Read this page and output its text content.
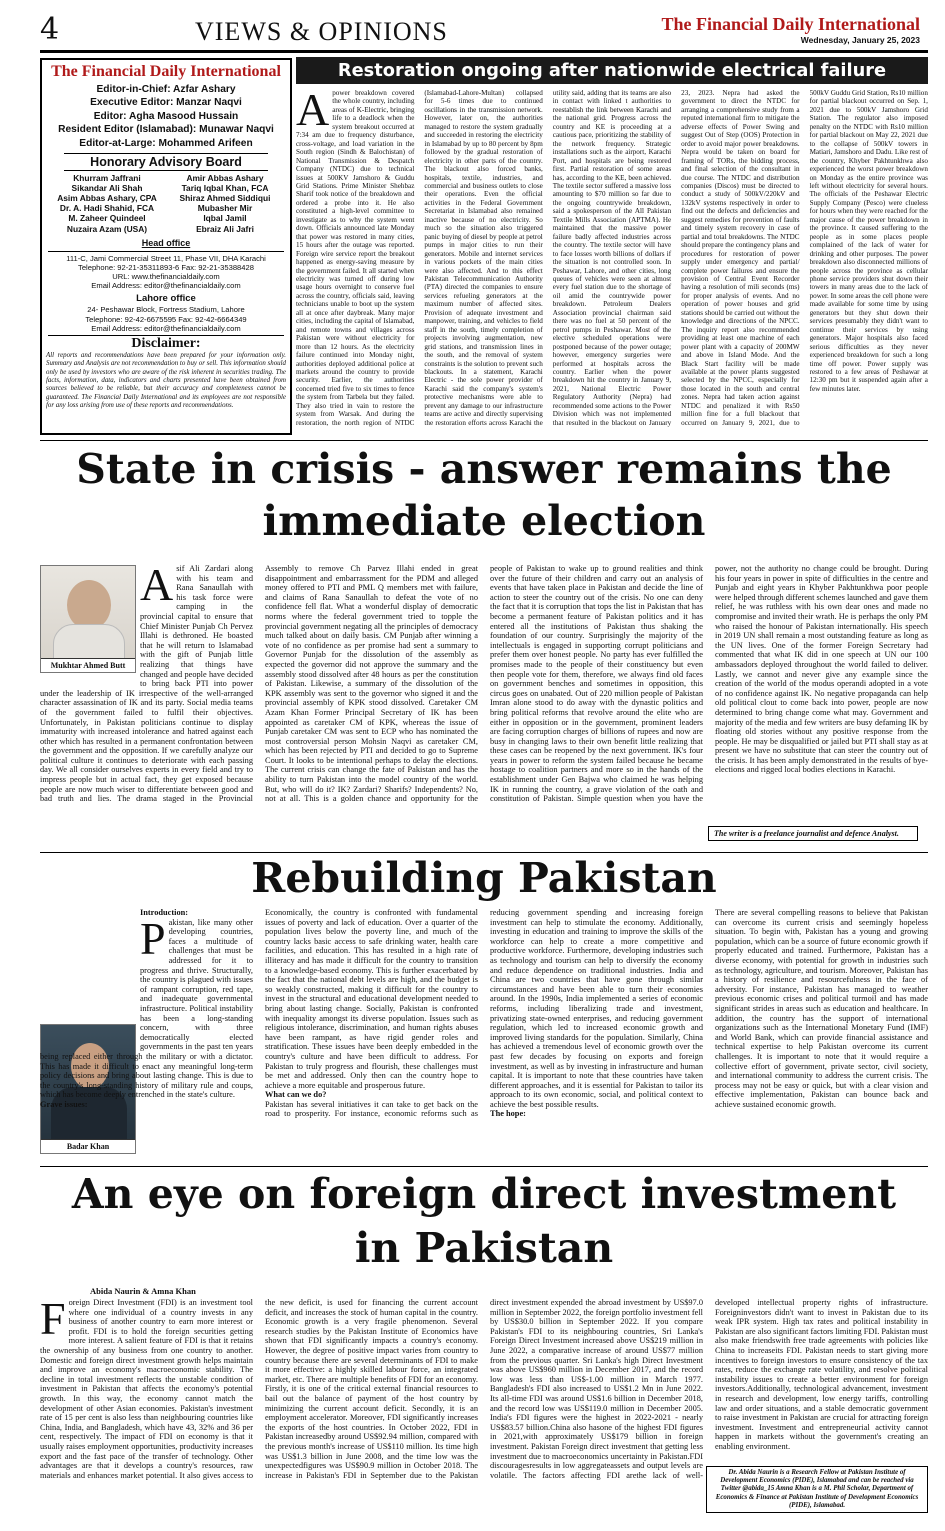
4	VIEWS & OPINIONS	The Financial Daily International
Wednesday, January 25, 2023
The Financial Daily International
Editor-in-Chief: Azfar Ashary
Executive Editor: Manzar Naqvi
Editor: Agha Masood Hussain
Resident Editor (Islamabad): Munawar Naqvi
Editor-at-Large: Mohammed Arifeen
Honorary Advisory Board
Khurram Jaffrani
Sikandar Ali Shah
Asim Abbas Ashary, CPA
Dr. A. Hadi Shahid, FCA
M. Zaheer Quindeel
Nuzaira Azam (USA)
Amir Abbas Ashary
Tariq Iqbal Khan, FCA
Shiraz Ahmed Siddiqui
Mubasher Mir
Iqbal Jamil
Ebraiz Ali Jafri
Head office
111-C, Jami Commercial Street 11, Phase VII, DHA Karachi
Telephone: 92-21-35311893-6 Fax: 92-21-35388428
URL: www.thefinancialdaily.com
Email Address: editor@thefinancialdaily.com
Lahore office
24- Peshawar Block, Fortress Stadium, Lahore
Telephone: 92-42-6675595 Fax: 92-42-6664349
Email Address: editor@thefinancialdaily.com
Disclaimer:
All reports and recommendations have been prepared for your information only. Summary and Analysis are not recommendation to buy or sell. This information should only be used by investors who are aware of the risk inherent in securities trading. The facts, information, data, indicators and charts presented have been obtained from sources believed to be reliable, but their accuracy and completeness cannot be guaranteed. The Financial Daily International and its employees are not responsible for any loss arising from use of these reports and recommendations.
Restoration ongoing after nationwide electrical failure
Apower breakdown covered the whole country, including areas of K-Electric, bringing life to a deadlock when the system breakout occurred at 7:34 am due to frequency disturbance, cross-voltage, and load variation in the South region (Sindh & Balochistan) of National Transmission & Despatch Company (NTDC) due to technical issues at 500KV Jamshoro & Guddu Grid Stations. Prime Minister Shehbaz Sharif took notice of the breakdown and ordered a probe into it. He also constituted a high-level committee to investigate as to why the system went down. Officials announced late Monday that power was restored in many cities, 15 hours after the outage was reported. Foreign wire service report the breakout happened as energy-saving measure by the government failed. It all started when electricity was turned off during low usage hours overnight to conserve fuel across the country, officials said, leaving technicians unable to boot up the system all at once after daybreak. Many major cities, including the capital of Islamabad, and remote towns and villages across Pakistan were without electricity for more than 12 hours. As the electricity failure continued into Monday night, authorities deployed additional police at markets around the country to provide security. Earlier, the authorities concerned tried five to six times to fence the system from Tarbela but they failed. They also tried in vain to restore the system from Warsak. And during the restoration, the north region of NTDC (Islamabad-Lahore-Multan) collapsed for 5-6 times due to continued oscillations in the transmission network. However, later on, the authorities managed to restore the system gradually and succeeded in restoring the electricity in Islamabad by up to 80 percent by 8pm followed by the gradual restoration of electricity in other parts of the country. The blackout also forced banks, hospitals, textile, industries, and commercial and business outlets to close their operations. Even the official activities in the Federal Government Secretariat in Islamabad also remained inactive because of no electricity. So much so the situation also triggered panic buying of diesel by people at petrol pumps in major cities to run their generators. Mobile and internet services in various pockets of the main cities were also affected. And to this effect Pakistan Telecommunication Authority (PTA) directed the companies to ensure services refueling generators at the maximum number of affected sites. Provision of adequate investment and manpower, training, and vehicles to field staff in the south, timely completion of projects involving augmentation, new grid stations, and transmission lines in the south, and the removal of system constraints is the solution to prevent such blackouts. In a statement, Karachi Electric - the sole power provider of Karachi said the company's system's protective mechanisms were able to prevent any damage to our infrastructure teams are active and directly supervising the restoration efforts across Karachi the utility said, adding that its teams are also in contact with linked t authorities to reestablish the link between Karachi and the national grid. Progress across the country and KE is proceeding at a cautious pace, prioritizing the stability of the network frequency. Strategic installations such as the airport, Karachi Port, and hospitals are being restored first. Partial restoration of some areas has, according to the KE, been achieved. The textile sector suffered a massive loss amounting to $70 million so far due to the ongoing countrywide breakdown, said a spokesperson of the All Pakistan Textile Mills Association (APTMA). He maintained that the massive power failure badly affected industries across the country. The textile sector will have to face losses worth billions of dollars if the situation is not controlled soon. In Peshawar, Lahore, and other cities, long queues of vehicles were seen at almost every fuel station due to the shortage of oil amid the countrywide power breakdown. Petroleum Dealers Association provincial chairman said there was no fuel at 50 percent of the petrol pumps in Peshawar. Most of the elective scheduled operations were postponed because of the power outage; however, emergency surgeries were performed at hospitals across the country. Earlier when the power breakdown hit the country in January 9, 2021, National Electric Power Regulatory Authority (Nepra) had recommended some actions to the Power Division which was not implemented that resulted in the blackout on January 23, 2023. Nepra had asked the government to direct the NTDC for arranging a comprehensive study from a reputed international firm to mitigate the adverse effects of Power Swing and suggest Out of Step (OOS) Protection in order to avoid major power breakdowns. Nepra would be taken on board for framing of TORs, the bidding process, and final selection of the consultant in due course. The NTDC and distribution companies (Discos) must be directed to conduct a study of 500kV/220kV and 132kV systems respectively in order to find out the defects and deficiencies and suggest remedies for prevention of faults and timely system recovery in case of partial and total breakdowns. The NTDC should prepare the contingency plans and procedures for restoration of power supply under emergency and partial/ complete power failures and ensure the provision of Central Event Recorder having a resolution of mili seconds (ms) for proper analysis of events. And no operation of power houses and grid stations should be carried out without the knowledge and directions of the NPCC. The inquiry report also recommended providing at least one machine of each power plant with a capacity of 200MW and above in Island Mode. And the Black Start facility will be made available at the power plants suggested selected by the NPCC, especially for those located in the south and central zones. Nepra had taken action against NTDC and penalized it with Rs50 million fine for a full blackout that occurred on January 9, 2021, due to 500kV Guddu Grid Station, Rs10 million for partial blackout occurred on Sep. 1, 2021 due to 500kV Jamshoro Grid Station. The regulator also imposed penalty on the NTDC with Rs10 million for partial blackout on May 22, 2021 due to the collapse of 500kV towers in Matiari, Jamshoro and Dadu. Like rest of the country, Khyber Pakhtunkhwa also experienced the worst power breakdown on Monday as the entire province was left without electricity for several hours. The officials of the Peshawar Electric Supply Company (Pesco) were clueless for hours when they were reached for the major cause of the power breakdown in the province. It caused suffering to the people as in some places people complained of the lack of water for drinking and other purposes. The power breakdown also disconnected millions of people across the province as cellular phone service providers shut down their towers in many areas due to the lack of power. In some areas the cell phone were made available for some time by using generators but they shut down their services presumably they didn't want to continue their services by using generators. Major hospitals also faced serious difficulties as they never experienced breakdown for such a long time off power. Power supply was restored to a few areas of Peshawar at 12:30 pm but it suspended again after a few minutes later.
State in crisis - answer remains the immediate election
Mukhtar Ahmed Butt
Asif Ali Zardari along with his team and Rana Sanaullah with his task force were camping in the provincial capital to ensure that Chief Minister Punjab Ch Pervez Illahi is dethroned. He boasted that he will return to Islamabad with the gift of Punjab little realizing that things have changed and people have decided to bring back PTI into power under the leadership of IK irrespective of the well-arranged character assassination of IK and its party. Social media teams of the government failed to fulfil their objectives. Unfortunately, in Pakistan politicians continue to display immaturity with increased intolerance and hatred against each other which has resulted in a permanent confrontation between the government and the opposition. If we carefully analyze our political culture it continues to deteriorate with each passing day. We all consider ourselves experts in every field and try to impress people but in actual fact, they get exposed because people are now much wiser to differentiate between good and bad truth and lies. The drama staged in the Provincial Assembly to remove Ch Parvez Illahi ended in great disappointment and embarrassment for the PDM and alleged money offered to PTI and PML Q members met with failure, and claims of Rana Sanaullah to defeat the vote of no confidence fell flat. What a wonderful display of democratic norms where the federal government tried to topple the provincial government negating all the principles of democracy much talked about on daily basis. CM Punjab after winning a vote of no confidence as per promise had sent a summary to Governor Punjab for the dissolution of the assembly as expected the governor did not approve the summary and the assembly stood dissolved after 48 hours as per the constitution of Pakistan. Likewise, a summary of the dissolution of the KPK assembly was sent to the governor who signed it and the provincial assembly of KPK stood dissolved. Caretaker CM Azam Khan Former Principal Secretary of IK has been appointed as caretaker CM of KPK, whereas the issue of Punjab caretaker CM was sent to ECP who has nominated the most controversial person Mohsin Naqvi as caretaker CM, which has been rejected by PTI and decided to go to Supreme Court. It looks to be intentional perhaps to delay the elections. The current crisis can change the fate of Pakistan and has the ability to turn Pakistan into the model country of the world. But, who will do it? IK? Zardari? Sharifs? Independents? No, not at all. This is a golden chance and opportunity for the people of Pakistan to wake up to ground realities and think over the future of their children and carry out an analysis of events that have taken place in Pakistan and decide the line of action to steer the country out of the crisis. No one can deny the fact that it is corruption that tops the list in Pakistan that has become a permanent feature of Pakistan politics and it has entered all the institutions of Pakistan thus shaking the foundation of our country. Surprisingly the majority of the intellectuals is engaged in supporting corrupt politicians and prefer them over honest people. No party has ever fulfilled the promises made to the people of their constituency but even then people vote for them, therefore, we always find old faces on government benches and sometimes in opposition, this circus goes on unabated. Out of 220 million people of Pakistan Imran alone stood to do away with the dynastic politics and bring political reforms that revolve around the elite who are either in opposition or in the government, prominent leaders are facing corruption charges of billions of rupees and now are busy in changing laws to their own benefit little realizing that these cases can be reopened by the next government. IK's four years in power to reform the system failed because he became hostage to coalition partners and more so in the hands of the establishment under Gen Bajwa who claimed he was helping IK in running the country, a grave violation of the oath and constitution of Pakistan. Simple question when you have the power, not the authority no change could be brought. During his four years in power in spite of difficulties in the centre and Punjab and eight years in Khyber Pakhtunkhwa poor people were helped through different schemes launched and gave them relief, he was ruthless with his own dear ones and made no compromise and invited their wrath. He is perhaps the only PM who raised the honour of Pakistan internationally. His speech in 2019 UN shall remain a most outstanding feature as long as the UN lives. One of the former Foreign Secretary had commented that what IK did in one speech at UN our 100 ambassadors deployed throughout the world failed to deliver. Lastly, we cannot and never give any example since the creation of the world of the modus operandi adopted in a vote of no confidence against IK. No negative propaganda can help old political clout to come back into power, people are now determined to bring change come what may. Government and majority of the media and few writers are busy defaming IK by floating old stories without any positive response from the people. He may be disqualified or jailed but PTI shall stay as at present we have no substitute that can steer the country out of the crisis. It has been amply demonstrated in the results of bye-elections and rigged local bodies elections in Karachi.
The writer is a freelance journalist and defence Analyst.
Rebuilding Pakistan
Badar Khan
Introduction:
Pakistan, like many other developing countries, faces a multitude of challenges that must be addressed for it to progress and thrive. Structurally, the country is plagued with issues of rampant corruption, red tape, and inadequate governmental infrastructure. Political instability has been a long-standing concern, with three democratically elected governments in the past ten years being replaced either through the military or with a dictator. This has made it difficult to enact any meaningful long-term policy decisions and bring about lasting change. This is due to the country's long-standing history of military rule and coups, which has become deeply entrenched in the state's culture.
Grave issues:
Economically, the country is confronted with fundamental issues of poverty and lack of education. Over a quarter of the population lives below the poverty line, and much of the country lacks basic access to safe drinking water, health care facilities, and education. This has resulted in a high rate of illiteracy and has made it difficult for the country to transition to a knowledge-based economy. This is further exacerbated by the fact that the national debt levels are high, and the budget is so weakly constructed, making it difficult for the country to invest in the structural and educational development needed to bring about lasting change. Socially, Pakistan is confronted with inequality amongst its diverse population. Issues such as religious intolerance, discrimination, and human rights abuses have been rampant, as have rigid gender roles and stratification. These issues have been deeply embedded in the country's culture and have been difficult to address. For Pakistan to truly progress and flourish, these challenges must be met and addressed. Only then can the country hope to achieve a more equitable and prosperous future.
What can we do?
Pakistan has several initiatives it can take to get back on the road to prosperity. For instance, economic reforms such as reducing government spending and increasing foreign investment can help to stimulate the economy. Additionally, investing in education and training to improve the skills of the workforce can help to create a more competitive and productive workforce. Furthermore, developing industries such as technology and tourism can help to diversify the economy and reduce dependence on traditional industries. India and China are two countries that have gone through similar circumstances and have been able to turn their economies around. In the 1990s, India implemented a series of economic reforms, including liberalizing trade and investment, privatizing state-owned enterprises, and reducing government regulation, which led to increased economic growth and improved living standards for the population. Similarly, China has achieved a tremendous level of economic growth over the past few decades by focusing on exports and foreign investment, as well as by investing in infrastructure and human capital. It is important to note that these countries have taken different approaches, and it is essential for Pakistan to tailor its approach to its own economic, social, and political context to achieve the best possible results.
The hope:
There are several compelling reasons to believe that Pakistan can overcome its current crisis and seemingly hopeless situation. To begin with, Pakistan has a young and growing population, which can be a source of future economic growth if properly educated and trained. Furthermore, Pakistan has a diverse economy, with potential for growth in industries such as technology, agriculture, and tourism. Moreover, Pakistan has a history of resilience and resourcefulness in the face of adversity. For instance, Pakistan has managed to weather previous economic crises and political turmoil and has made significant strides in areas such as education and healthcare. In addition, the country has the support of international organizations such as the International Monetary Fund (IMF) and World Bank, which can provide financial assistance and technical expertise to help Pakistan overcome its current challenges. It is important to note that it would require a collective effort of government, private sector, civil society, and international community to address the current crisis. The process may not be easy or quick, but with a clear vision and effective implementation, Pakistan can bounce back and achieve sustained economic growth.
An eye on foreign direct investment in Pakistan
Abida Naurin & Amna Khan
Foreign Direct Investment (FDI) is an investment tool where one individual of a country invests in any business of another country to earn more interest or profit. FDI is to hold the foreign securities getting more interest. A salient feature of FDI is that it retains the ownership of any business from one country to another. Domestic and foreign direct investment growth helps maintain and improve an economy's macroeconomic stability. The decline in total investment reflects the unstable condition of investment in Pakistan that affects the economy's potential growth. In this way, the economy cannot match the development of other Asian economies. Pakistan's investment rate of 15 per cent is also less than neighbouring countries like China, India, and Bangladesh, which have 43, 32% and 36 per cent, respectively. The impact of FDI on economy is that it usually raises employment opportunities, productivity increases export and the fast pace of the transfer of technology. Other advantages are that it develops a country's resources, raw materials and enhances market potential. It also gives access to the new deficit, is used for financing the current account deficit, and increases the stock of human capital in the country. Economic growth is a very fragile phenomenon. Several research studies by the Pakistan Institute of Economics have shown that FDI significantly impacts a country's economy. However, the degree of positive impact varies from country to country because there are several determinants of FDI to make it more effective: a highly skilled labour force, an integrated market, etc. There are multiple benefits of FDI for an economy. Firstly, it is one of the critical external financial resources to bail out the balance of payment of the host country by minimizing the current account deficit. Secondly, it is an employment accelerator. Moreover, FDI significantly increases the exports of the host countries. In October 2022, FDI in Pakistan increasedby around US$92.94 million, compared with the previous month's increase of US$110 million. Its time high was US$1.3 billion in June 2008, and the time low was the unexpectedfigures was US$90.9 million in October 2018. The increase in Pakistan's FDI in September due to the Pakistan direct investment expended the abroad investment by US$97.0 million in September 2022, the foreign portfolio investment fell by US$30.0 billion in September 2022. If you compare Pakistan's FDI to its neighbouring countries, Sri Lanka's Foreign Direct Investment increased above US$219 million in June 2022, a comparative increase of around US$77 million from the previous quarter. Sri Lanka's high Direct Investment was above US$960 million in December 2017, and the record low was less than US$-1.00 million in March 1977. Bangladesh's FDI also increased to US$1.2 Mn in June 2022. Its all-time FDI was around US$1.6 billion in December 2018, and the record low was US$119.0 million in December 2005. India's FDI figures were the highest in 2022-2021 - nearly US$83.57 billion.China also hasone of the highest FDI figures in 2021,with approximately US$179 billion in foreign investment. Pakistan Foreign direct investment that getting less investment due to macroeconomics uncertainty in Pakistan.FDI discouragesresults in low aggregateassets and output levels are volatile. The factors affecting FDI arethe lack of well-developed intellectual property rights of infrastructure. Foreigninvestors didn't want to invest in Pakistan due to its weak IPR system. High tax rates and political instability in Pakistan are also significant factors limiting FDI. Pakistan must also make friendswith free trade agreements with policies like China to increaseits FDI. Pakistan needs to start giving more incentives to foreign investors to ensure consistency of the tax rates, reduce the exchange rate volatility, and resolve political instability issues to create a better environment for foreign investors.Additionally, technological advancement, investment in research and development, low energy tariffs, controlling law and order situations, and a stable democratic government to raise investment in Pakistan are crucial for attracting foreign investment. Investment and entrepreneurial activity cannot happen in markets without the government's creating an enabling environment.
Dr. Abida Naurin is a Research Fellow at Pakistan Institute of Development Economics (PIDE), Islamabad and can be reached via Twitter @abida_15 Amna Khan is a M. Phil Scholar, Department of Economics & Finance at Pakistan Institute of Development Economics (PIDE), Islamabad.
